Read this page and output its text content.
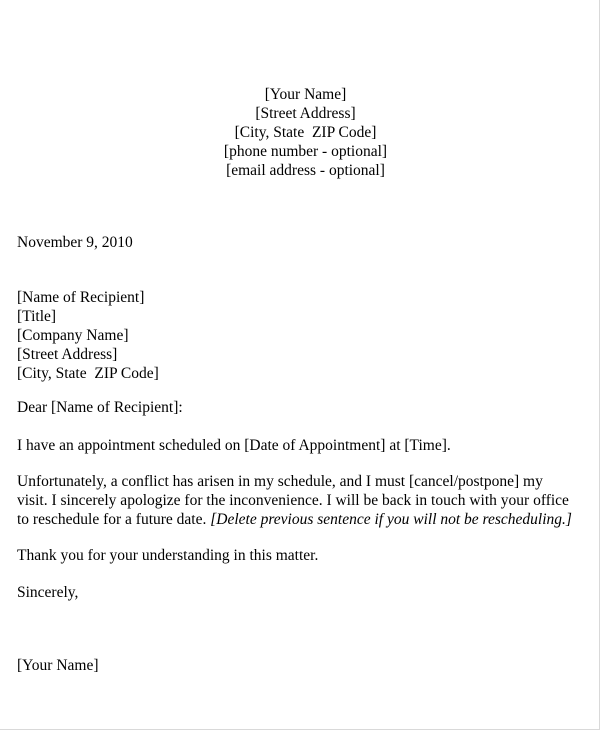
[Your Name]
[Street Address]
[City, State  ZIP Code]
[phone number - optional]
[email address - optional]
November 9, 2010
[Name of Recipient]
[Title]
[Company Name]
[Street Address]
[City, State  ZIP Code]
Dear [Name of Recipient]:
I have an appointment scheduled on [Date of Appointment] at [Time].
Unfortunately, a conflict has arisen in my schedule, and I must [cancel/postpone] my
visit. I sincerely apologize for the inconvenience. I will be back in touch with your office
to reschedule for a future date. [Delete previous sentence if you will not be rescheduling.]
Thank you for your understanding in this matter.
Sincerely,
[Your Name]
